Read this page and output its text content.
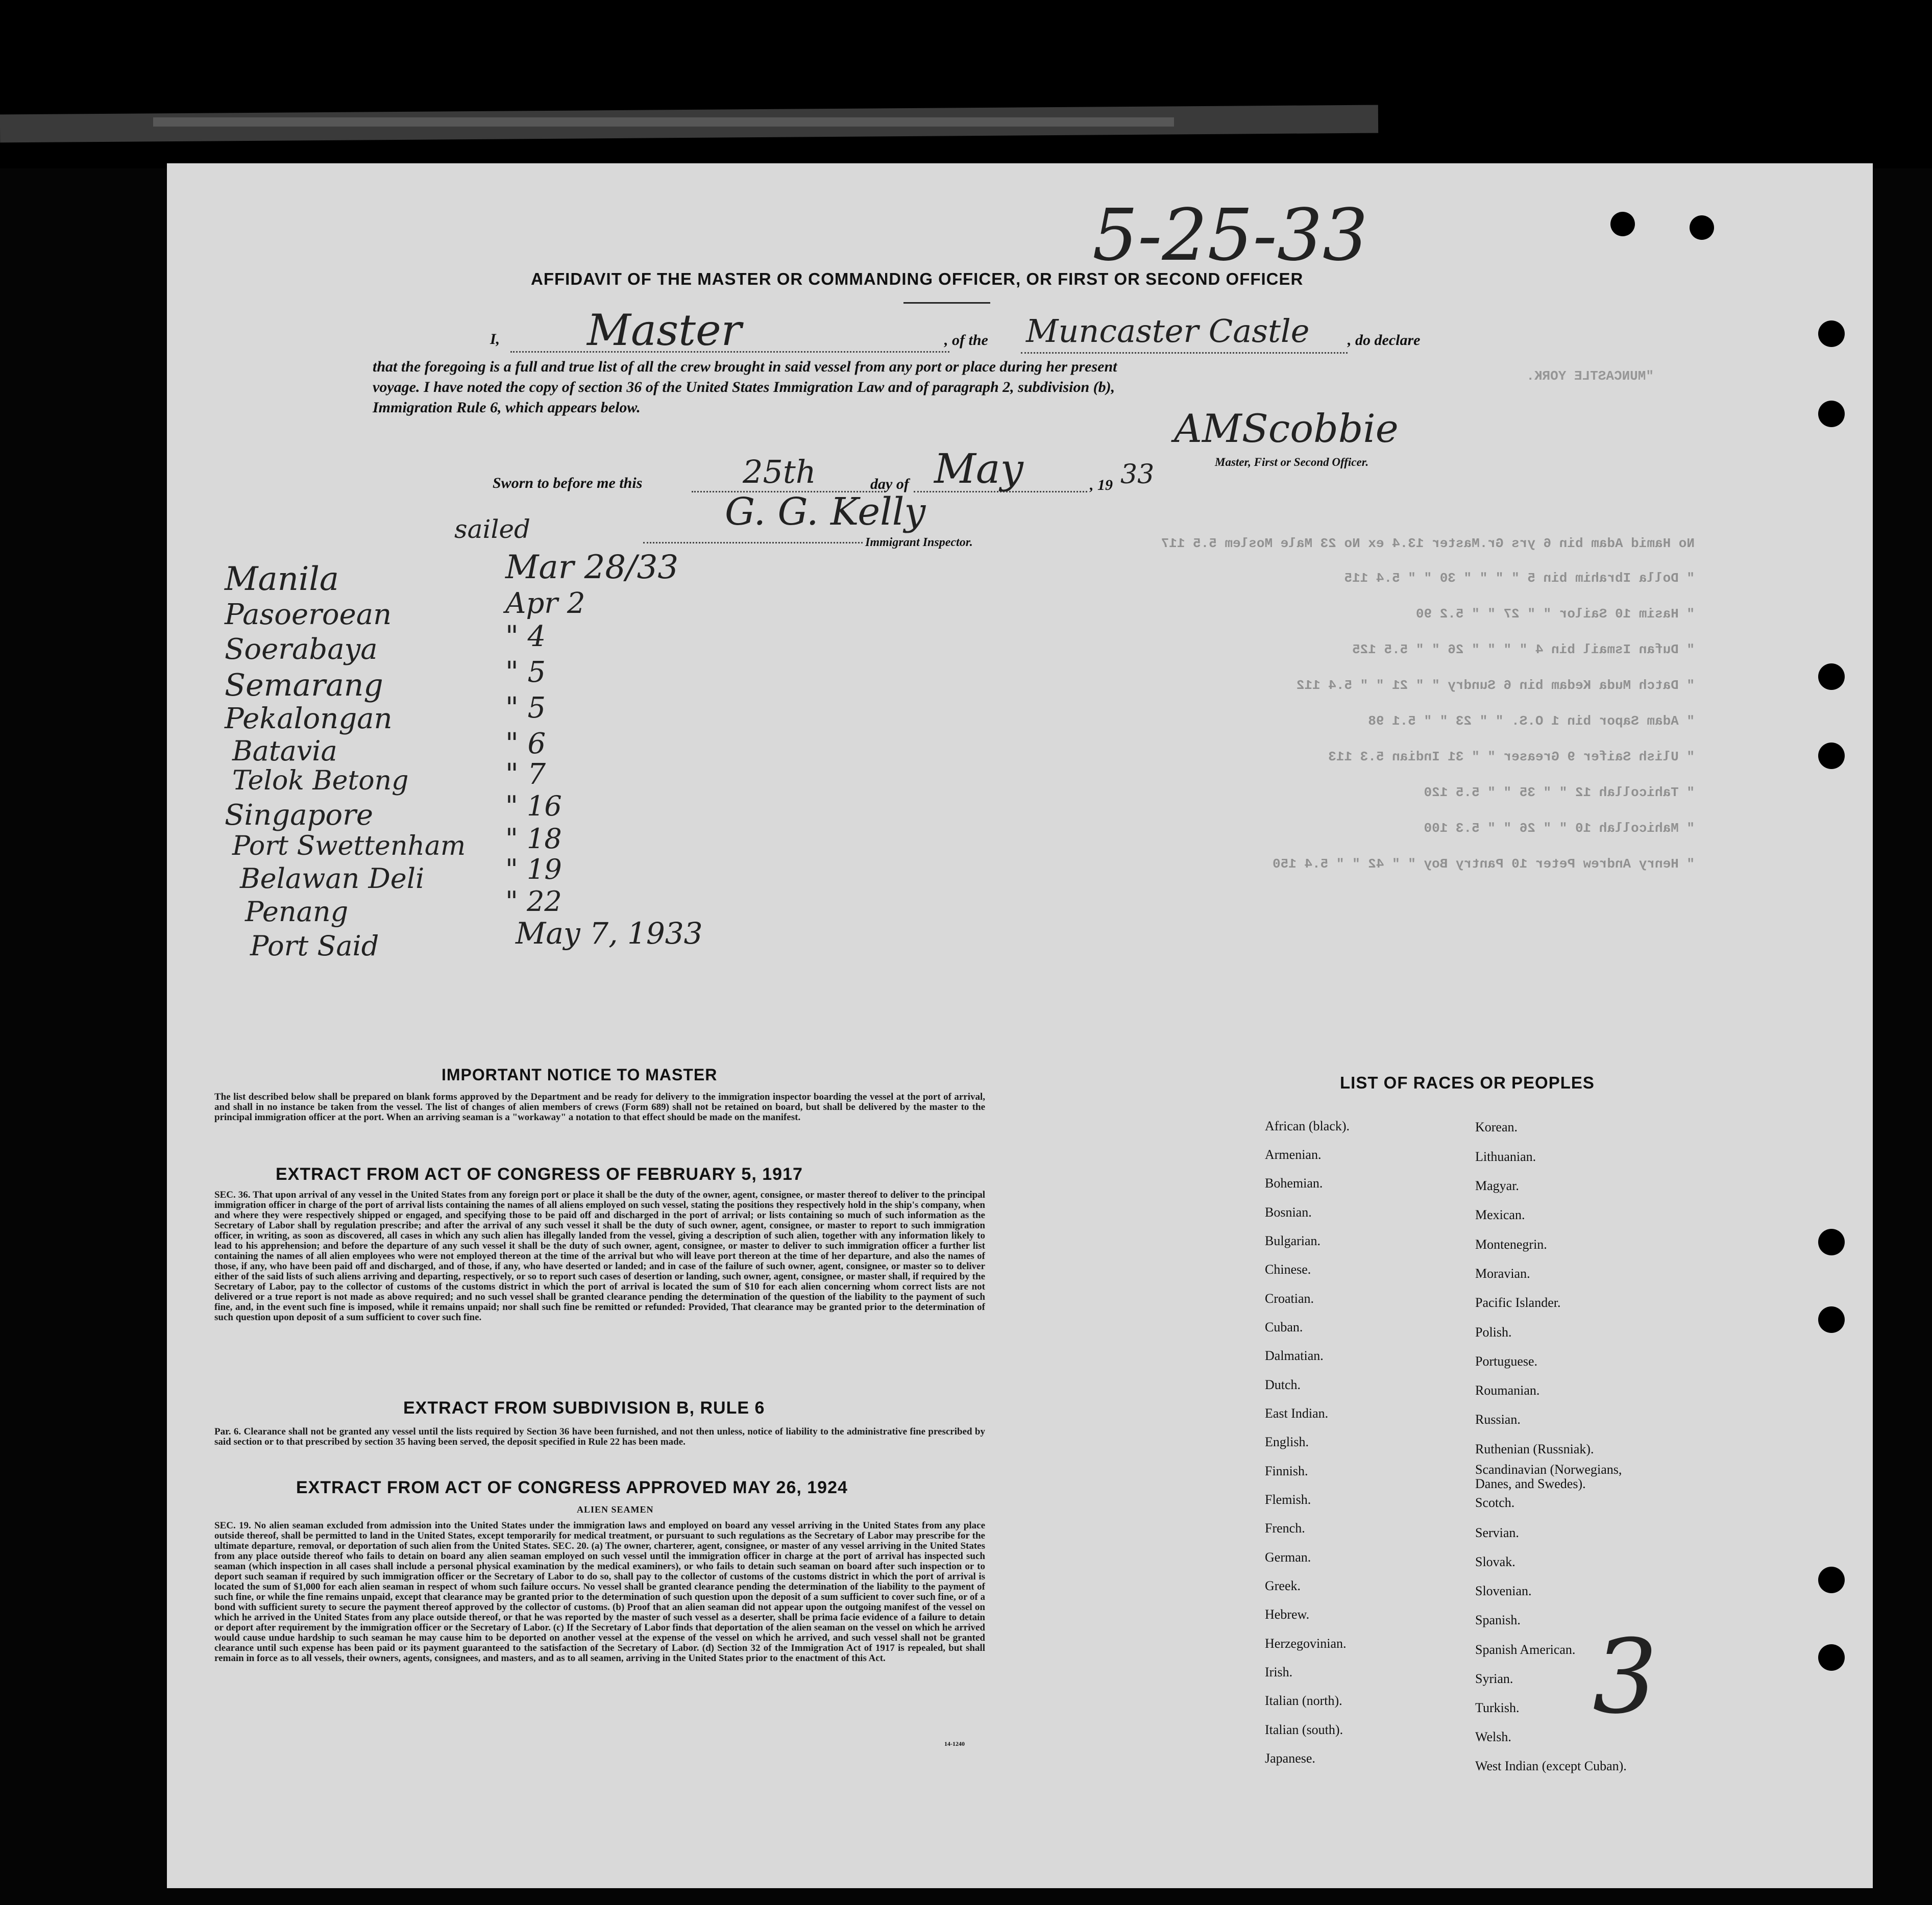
5-25-33
AFFIDAVIT OF THE MASTER OR COMMANDING OFFICER, OR FIRST OR SECOND OFFICER
I, Master	, of the Muncaster Castle , do declare
that the foregoing is a full and true list of all the crew brought in said vessel from any port or place during her present
voyage. I have noted the copy of section 36 of the United States Immigration Law and of paragraph 2, subdivision (b),
Immigration Rule 6, which appears below.
"MUNCASTLE YORK.
AMScobbie
Master, First or Second Officer.
Sworn to before me this	25th	day of May	, 19 33
G. G. Kelly
Immigrant Inspector.	No Hamid Adam bin 6 yrs Gr.Master 13.4 ex No 23 Male Moslem 5.5 117
" Dolla Ibrahim bin 5 " " " " 30 " " 5.4 115
" Hasim 10 Sailor " " 27 " " 5.2 90
" Dufan Ismail bin 4 " " " " 26 " " 5.5 125
" Datch Muda Kedam bin 6 Sundry " " 21 " " 5.4 112
" Adam Sapor bin 1 O.S. " " 23 " " 5.1 98
" Ulish Saifer 9 Greaser " " 31 Indian 5.3 113
" Tahicollah 12 " " 35 " " 5.5 120
" Mahicollah 10 " " 26 " " 5.3 100
" Henry Andrew Peter 10 Pantry Boy " " 42 " " 5.4 150
sailed
Manila	Mar 28/33
Pasoeroean	Apr 2
Soerabaya	" 4
Semarang	" 5
Pekalongan	" 5
Batavia	" 6
Telok Betong	" 7
Singapore	" 16
Port Swettenham " 18
Belawan Deli	" 19
Penang	" 22
Port Said	May 7, 1933
IMPORTANT NOTICE TO MASTER
The list described below shall be prepared on blank forms approved by the Department and be ready for delivery to the immigration inspector boarding the vessel at the port of arrival, and shall in no instance be taken from the vessel. The list of changes of alien members of crews (Form 689) shall not be retained on board, but shall be delivered by the master to the principal immigration officer at the port. When an arriving seaman is a "workaway" a notation to that effect should be made on the manifest.
EXTRACT FROM ACT OF CONGRESS OF FEBRUARY 5, 1917
SEC. 36. That upon arrival of any vessel in the United States from any foreign port or place it shall be the duty of the owner, agent, consignee, or master thereof to deliver to the principal immigration officer in charge of the port of arrival lists containing the names of all aliens employed on such vessel, stating the positions they respectively hold in the ship's company, when and where they were respectively shipped or engaged, and specifying those to be paid off and discharged in the port of arrival; or lists containing so much of such information as the Secretary of Labor shall by regulation prescribe; and after the arrival of any such vessel it shall be the duty of such owner, agent, consignee, or master to report to such immigration officer, in writing, as soon as discovered, all cases in which any such alien has illegally landed from the vessel, giving a description of such alien, together with any information likely to lead to his apprehension; and before the departure of any such vessel it shall be the duty of such owner, agent, consignee, or master to deliver to such immigration officer a further list containing the names of all alien employees who were not employed thereon at the time of the arrival but who will leave port thereon at the time of her departure, and also the names of those, if any, who have been paid off and discharged, and of those, if any, who have deserted or landed; and in case of the failure of such owner, agent, consignee, or master so to deliver either of the said lists of such aliens arriving and departing, respectively, or so to report such cases of desertion or landing, such owner, agent, consignee, or master shall, if required by the Secretary of Labor, pay to the collector of customs of the customs district in which the port of arrival is located the sum of $10 for each alien concerning whom correct lists are not delivered or a true report is not made as above required; and no such vessel shall be granted clearance pending the determination of the question of the liability to the payment of such fine, and, in the event such fine is imposed, while it remains unpaid; nor shall such fine be remitted or refunded: Provided, That clearance may be granted prior to the determination of such question upon deposit of a sum sufficient to cover such fine.
EXTRACT FROM SUBDIVISION B, RULE 6
Par. 6. Clearance shall not be granted any vessel until the lists required by Section 36 have been furnished, and not then unless, notice of liability to the administrative fine prescribed by said section or to that prescribed by section 35 having been served, the deposit specified in Rule 22 has been made.
EXTRACT FROM ACT OF CONGRESS APPROVED MAY 26, 1924
ALIEN SEAMEN
SEC. 19. No alien seaman excluded from admission into the United States under the immigration laws and employed on board any vessel arriving in the United States from any place outside thereof, shall be permitted to land in the United States, except temporarily for medical treatment, or pursuant to such regulations as the Secretary of Labor may prescribe for the ultimate departure, removal, or deportation of such alien from the United States. SEC. 20. (a) The owner, charterer, agent, consignee, or master of any vessel arriving in the United States from any place outside thereof who fails to detain on board any alien seaman employed on such vessel until the immigration officer in charge at the port of arrival has inspected such seaman (which inspection in all cases shall include a personal physical examination by the medical examiners), or who fails to detain such seaman on board after such inspection or to deport such seaman if required by such immigration officer or the Secretary of Labor to do so, shall pay to the collector of customs of the customs district in which the port of arrival is located the sum of $1,000 for each alien seaman in respect of whom such failure occurs. No vessel shall be granted clearance pending the determination of the liability to the payment of such fine, or while the fine remains unpaid, except that clearance may be granted prior to the determination of such question upon the deposit of a sum sufficient to cover such fine, or of a bond with sufficient surety to secure the payment thereof approved by the collector of customs. (b) Proof that an alien seaman did not appear upon the outgoing manifest of the vessel on which he arrived in the United States from any place outside thereof, or that he was reported by the master of such vessel as a deserter, shall be prima facie evidence of a failure to detain or deport after requirement by the immigration officer or the Secretary of Labor. (c) If the Secretary of Labor finds that deportation of the alien seaman on the vessel on which he arrived would cause undue hardship to such seaman he may cause him to be deported on another vessel at the expense of the vessel on which he arrived, and such vessel shall not be granted clearance until such expense has been paid or its payment guaranteed to the satisfaction of the Secretary of Labor. (d) Section 32 of the Immigration Act of 1917 is repealed, but shall remain in force as to all vessels, their owners, agents, consignees, and masters, and as to all seamen, arriving in the United States prior to the enactment of this Act.
14-1240
LIST OF RACES OR PEOPLES
African (black).
Armenian.
Bohemian.
Bosnian.
Bulgarian.
Chinese.
Croatian.
Cuban.
Dalmatian.
Dutch.
East Indian.
English.
Finnish.
Flemish.
French.
German.
Greek.
Hebrew.
Herzegovinian.
Irish.
Italian (north).
Italian (south).
Japanese.
Korean.
Lithuanian.
Magyar.
Mexican.
Montenegrin.
Moravian.
Pacific Islander.
Polish.
Portuguese.
Roumanian.
Russian.
Ruthenian (Russniak).
Scandinavian (Norwegians, Danes, and Swedes).
Scotch.
Servian.
Slovak.
Slovenian.
Spanish.
Spanish American.
Syrian.
Turkish.
Welsh.
West Indian (except Cuban).
3
